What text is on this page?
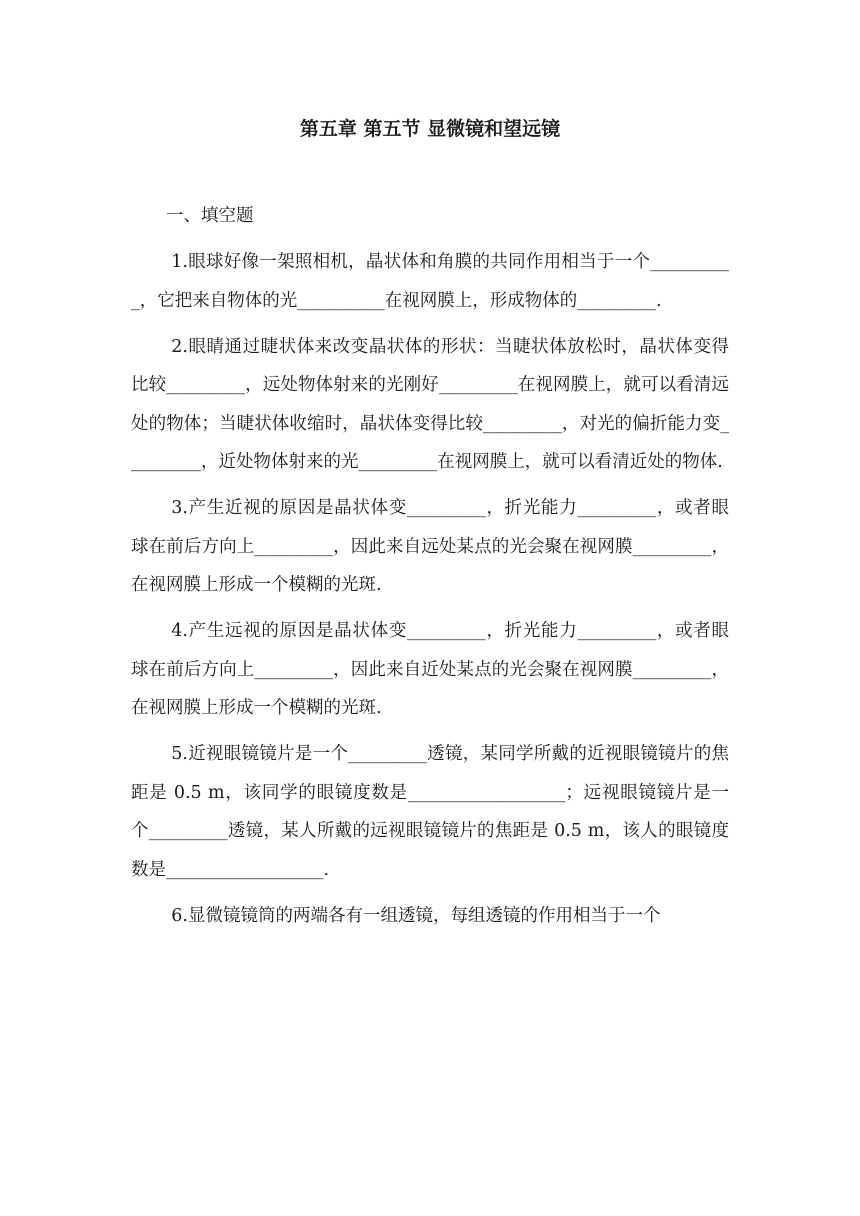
第五章 第五节 显微镜和望远镜

一、填空题

1.眼球好像一架照相机，晶状体和角膜的共同作用相当于一个__________，它把来自物体的光__________在视网膜上，形成物体的_________.

2.眼睛通过睫状体来改变晶状体的形状：当睫状体放松时，晶状体变得比较_________，远处物体射来的光刚好_________在视网膜上，就可以看清远处的物体；当睫状体收缩时，晶状体变得比较_________，对光的偏折能力变_________，近处物体射来的光_________在视网膜上，就可以看清近处的物体.

3.产生近视的原因是晶状体变_________，折光能力_________，或者眼球在前后方向上_________，因此来自远处某点的光会聚在视网膜_________，在视网膜上形成一个模糊的光斑.

4.产生远视的原因是晶状体变_________，折光能力_________，或者眼球在前后方向上_________，因此来自近处某点的光会聚在视网膜_________，在视网膜上形成一个模糊的光斑.

5.近视眼镜镜片是一个_________透镜，某同学所戴的近视眼镜镜片的焦距是 0.5 m，该同学的眼镜度数是__________________；远视眼镜镜片是一个_________透镜，某人所戴的远视眼镜镜片的焦距是 0.5 m，该人的眼镜度数是__________________.

6.显微镜镜筒的两端各有一组透镜，每组透镜的作用相当于一个
